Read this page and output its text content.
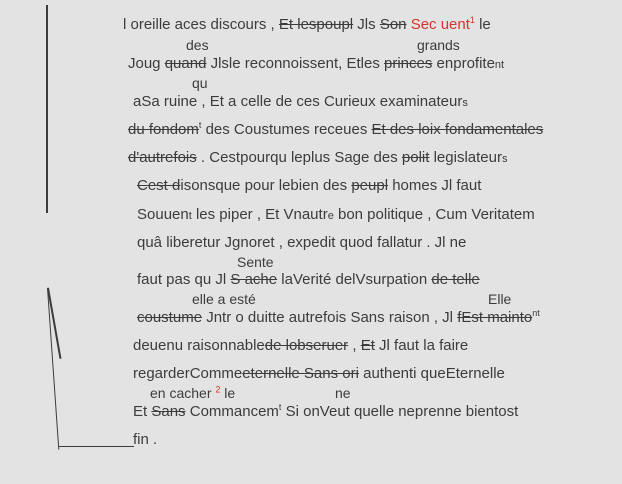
l oreille aces discours , Et lespoupl Jls Son Sec uent$^1$ le
des	grands
Joug quand Jlsle reconnoissent, Etles princes enprofitent
qu
aSa ruine , Et a celle de ces Curieux examinateurs
du fondom$^t$ des Coustumes receues Et des loix fondamentales
d'autrefois . Cestpourqu leplus Sage des polit legislateurs
Cest disonsque pour lebien des peupl homes Jl faut
Souuent les piper , Et Vnautre bon politique , Cum Veritatem
quâ liberetur Jgnoret , expedit quod fallatur . Jl ne
Sente
faut pas qu Jl S ache laVerité delVsurpation de telle
elle a esté	Elle
coustume Jntr o duitte autrefois Sans raison , Jl fEst mainto$^{nt}$
deuenu raisonnablede lobseruer , Et Jl faut la faire
regarderCommeeternelle Sans ori authenti queEternelle
en cacher $^2$ le	ne
Et Sans Commancem$^t$ Si onVeut quelle neprenne bientost
fin .
